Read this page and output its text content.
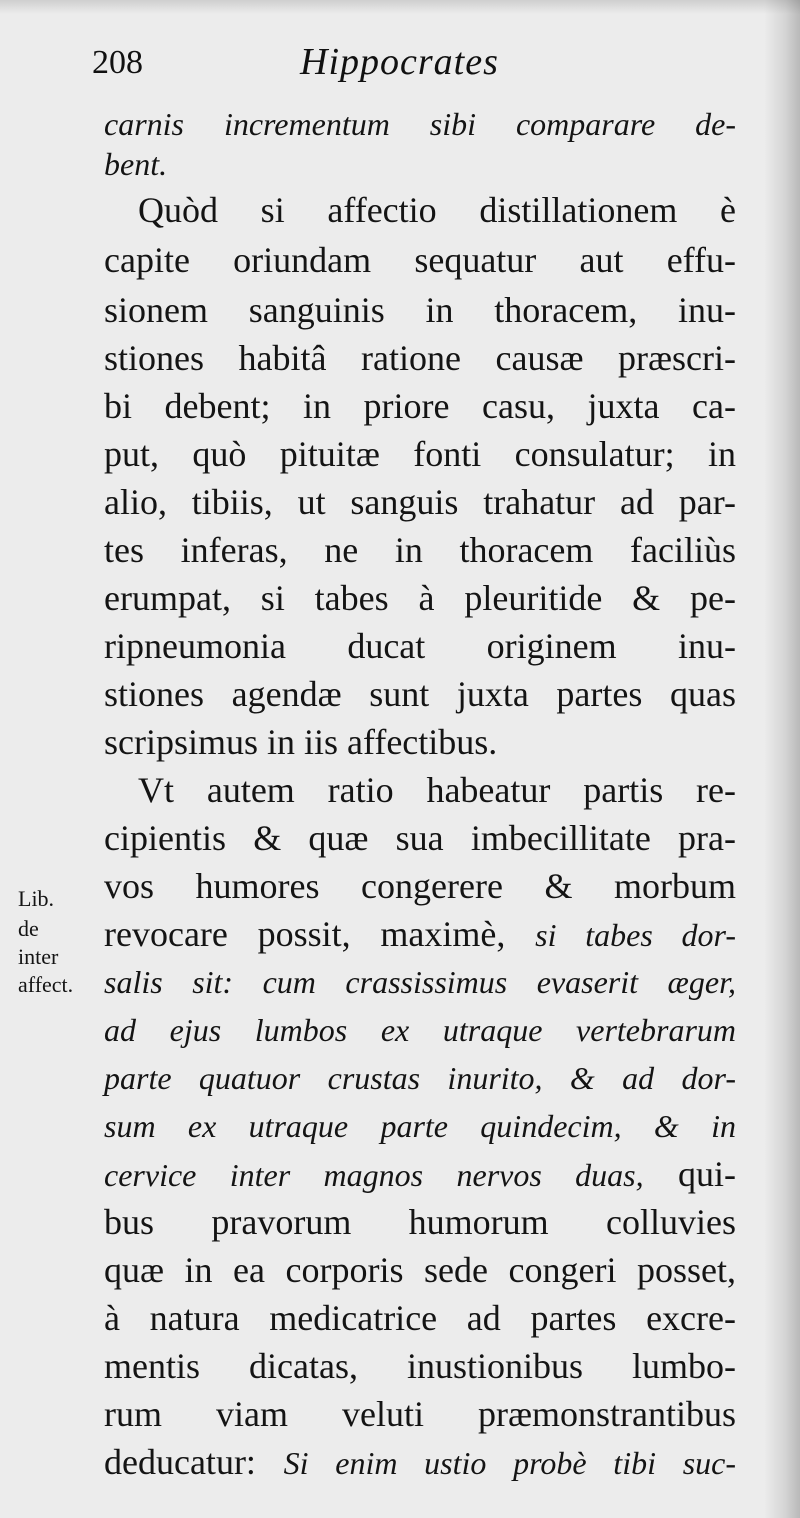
208	Hippocrates
carnis incrementum sibi comparare de-
bent.
Quòd si affectio distillationem è
capite oriundam sequatur aut effu-
sionem sanguinis in thoracem, inu-
stiones habitâ ratione causæ præscri-
bi debent; in priore casu, juxta ca-
put, quò pituitæ fonti consulatur; in
alio, tibiis, ut sanguis trahatur ad par-
tes inferas, ne in thoracem faciliùs
erumpat, si tabes à pleuritide & pe-
ripneumonia ducat originem inu-
stiones agendæ sunt juxta partes quas
scripsimus in iis affectibus.
Vt autem ratio habeatur partis re-
cipientis & quæ sua imbecillitate pra-
vos humores congerere & morbum
revocare possit, maximè, si tabes dor-
salis sit: cum crassissimus evaserit æger,
ad ejus lumbos ex utraque vertebrarum
parte quatuor crustas inurito, & ad dor-
sum ex utraque parte quindecim, & in
cervice inter magnos nervos duas, qui-
bus pravorum humorum colluvies
quæ in ea corporis sede congeri posset,
à natura medicatrice ad partes excre-
mentis dicatas, inustionibus lumbo-
rum viam veluti præmonstrantibus
deducatur: Si enim ustio probè tibi suc-
Lib.
de
inter
affect.
